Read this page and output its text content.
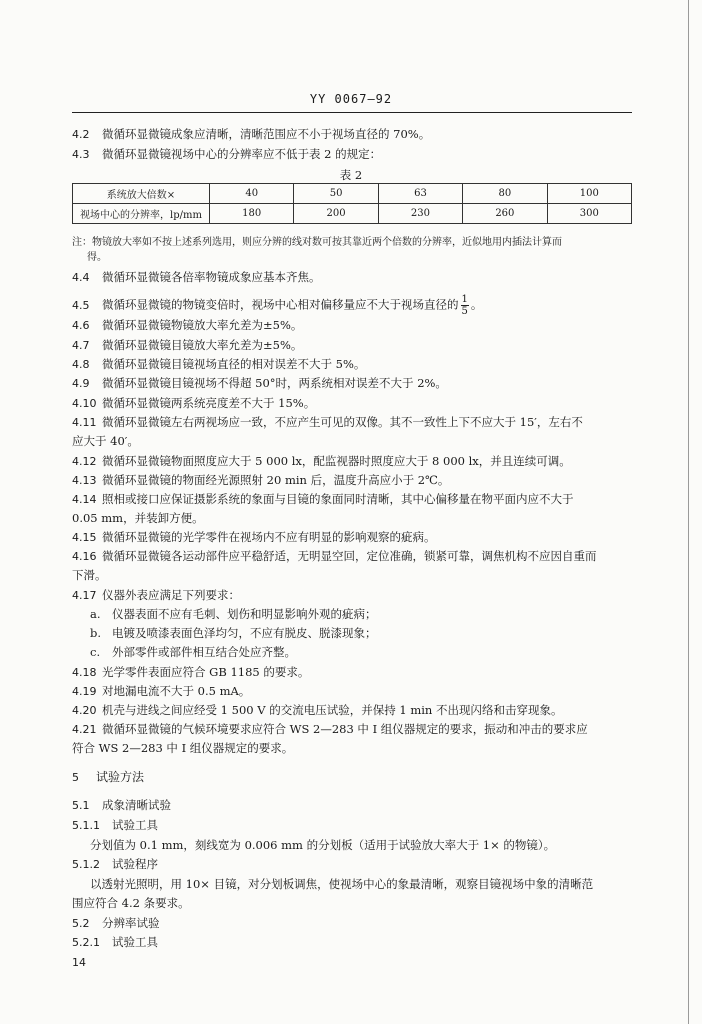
YY 0067—92
4.2 微循环显微镜成象应清晰，清晰范围应不小于视场直径的 70%。
4.3 微循环显微镜视场中心的分辨率应不低于表 2 的规定：
表 2
系统放大倍数×	40	50	63	80	100
视场中心的分辨率，lp/mm	180	200	230	260	300
注：物镜放大率如不按上述系列选用，则应分辨的线对数可按其靠近两个倍数的分辨率，近似地用内插法计算而
得。
4.4 微循环显微镜各倍率物镜成象应基本齐焦。
4.5 微循环显微镜的物镜变倍时，视场中心相对偏移量应不大于视场直径的 $\frac{1}{5}$ 。
4.6 微循环显微镜物镜放大率允差为±5%。
4.7 微循环显微镜目镜放大率允差为±5%。
4.8 微循环显微镜目镜视场直径的相对误差不大于 5%。
4.9 微循环显微镜目镜视场不得超 50°时，两系统相对误差不大于 2%。
4.10 微循环显微镜两系统亮度差不大于 15%。
4.11 微循环显微镜左右两视场应一致，不应产生可见的双像。其不一致性上下不应大于 15′，左右不
应大于 40′。
4.12 微循环显微镜物面照度应大于 5 000 lx，配监视器时照度应大于 8 000 lx，并且连续可调。
4.13 微循环显微镜的物面经光源照射 20 min 后，温度升高应小于 2℃。
4.14 照相或接口应保证摄影系统的象面与目镜的象面同时清晰，其中心偏移量在物平面内应不大于
0.05 mm，并装卸方便。
4.15 微循环显微镜的光学零件在视场内不应有明显的影响观察的疵病。
4.16 微循环显微镜各运动部件应平稳舒适，无明显空回，定位准确，锁紧可靠，调焦机构不应因自重而
下滑。
4.17 仪器外表应满足下列要求：
a. 仪器表面不应有毛刺、划伤和明显影响外观的疵病；
b. 电镀及喷漆表面色泽均匀，不应有脱皮、脱漆现象；
c. 外部零件或部件相互结合处应齐整。
4.18 光学零件表面应符合 GB 1185 的要求。
4.19 对地漏电流不大于 0.5 mA。
4.20 机壳与进线之间应经受 1 500 V 的交流电压试验，并保持 1 min 不出现闪络和击穿现象。
4.21 微循环显微镜的气候环境要求应符合 WS 2—283 中 I 组仪器规定的要求，振动和冲击的要求应
符合 WS 2—283 中 I 组仪器规定的要求。
5 试验方法
5.1 成象清晰试验
5.1.1 试验工具
分划值为 0.1 mm，刻线宽为 0.006 mm 的分划板（适用于试验放大率大于 1× 的物镜）。
5.1.2 试验程序
以透射光照明，用 10× 目镜，对分划板调焦，使视场中心的象最清晰，观察目镜视场中象的清晰范
围应符合 4.2 条要求。
5.2 分辨率试验
5.2.1 试验工具
14
